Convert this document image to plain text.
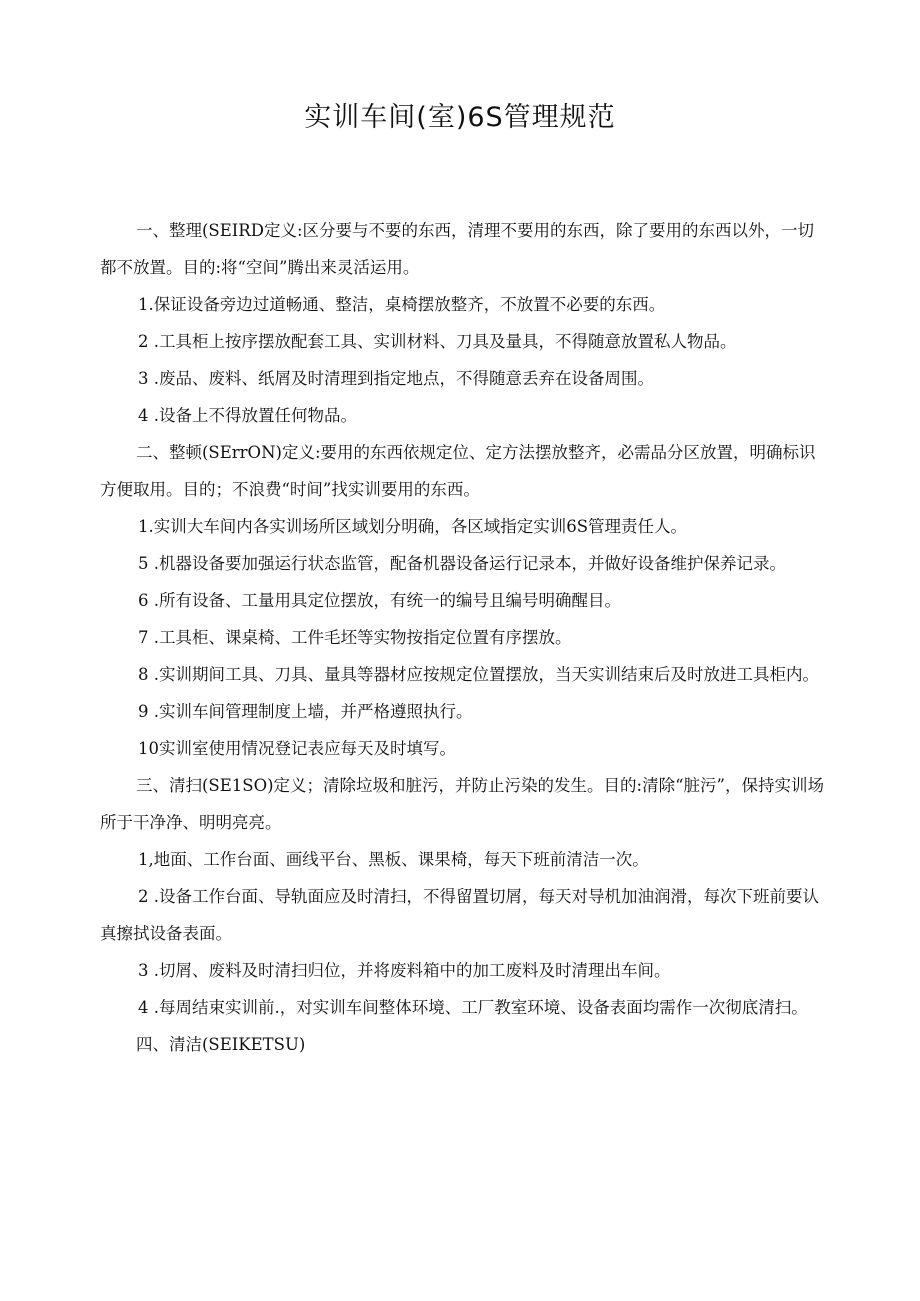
实训车间(室)6S管理规范

一、整理(SEIRD定义:区分要与不要的东西，清理不要用的东西，除了要用的东西以外，一切都不放置。目的:将“空间”腾出来灵活运用。

1.保证设备旁边过道畅通、整洁，桌椅摆放整齐，不放置不必要的东西。

2 .工具柜上按序摆放配套工具、实训材料、刀具及量具，不得随意放置私人物品。

3 .废品、废料、纸屑及时清理到指定地点，不得随意丢弃在设备周围。

4 .设备上不得放置任何物品。

二、整顿(SErrON)定义:要用的东西依规定位、定方法摆放整齐，必需品分区放置，明确标识方便取用。目的；不浪费“时间”找实训要用的东西。

1.实训大车间内各实训场所区域划分明确，各区域指定实训6S管理责任人。

5 .机器设备要加强运行状态监管，配备机器设备运行记录本，并做好设备维护保养记录。

6 .所有设备、工量用具定位摆放，有统一的编号且编号明确醒目。

7 .工具柜、课桌椅、工件毛坯等实物按指定位置有序摆放。

8 .实训期间工具、刀具、量具等器材应按规定位置摆放，当天实训结束后及时放进工具柜内。

9 .实训车间管理制度上墙，并严格遵照执行。

10实训室使用情况登记表应每天及时填写。

三、清扫(SE1SO)定义；清除垃圾和脏污，并防止污染的发生。目的:清除“脏污”，保持实训场所于干净净、明明亮亮。

1,地面、工作台面、画线平台、黑板、课果椅，每天下班前清洁一次。

2 .设备工作台面、导轨面应及时清扫，不得留置切屑，每天对导机加油润滑，每次下班前要认真擦拭设备表面。

3 .切屑、废料及时清扫归位，并将废料箱中的加工废料及时清理出车间。

4 .每周结束实训前.，对实训车间整体环境、工厂教室环境、设备表面均需作一次彻底清扫。

四、清洁(SEIKETSU)
